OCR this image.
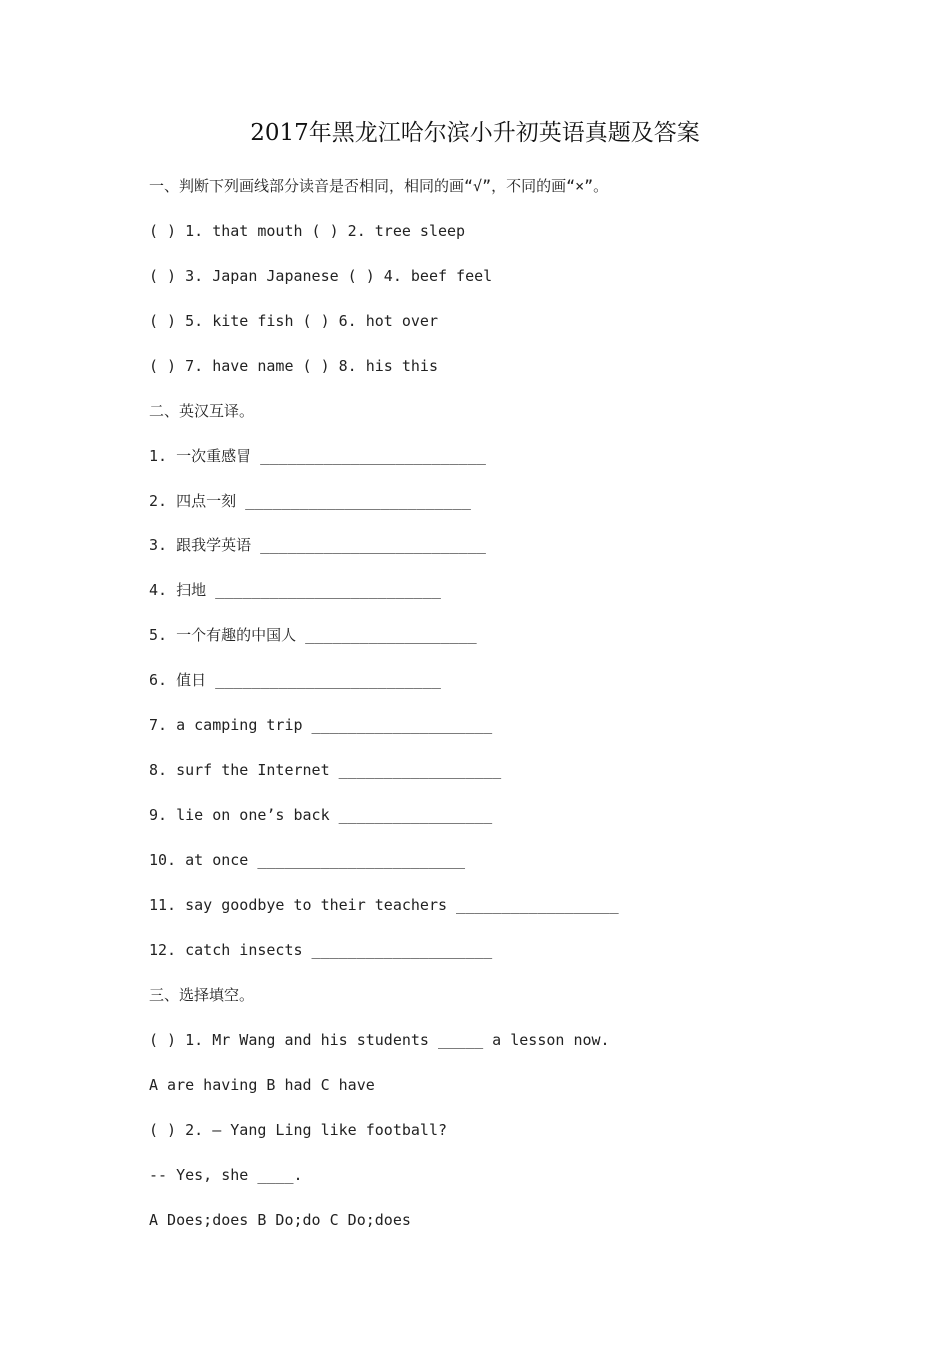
2017年黑龙江哈尔滨小升初英语真题及答案
一、判断下列画线部分读音是否相同，相同的画“√”，不同的画“×”。
( ) 1. that mouth ( ) 2. tree sleep
( ) 3. Japan Japanese ( ) 4. beef feel
( ) 5. kite fish ( ) 6. hot over
( ) 7. have name ( ) 8. his this
二、英汉互译。
1. 一次重感冒 _________________________
2. 四点一刻 _________________________
3. 跟我学英语 _________________________
4. 扫地 _________________________
5. 一个有趣的中国人 ___________________
6. 值日 _________________________
7. a camping trip ____________________
8. surf the Internet __________________
9. lie on one’s back _________________
10. at once _______________________
11. say goodbye to their teachers __________________
12. catch insects ____________________
三、选择填空。
( ) 1. Mr Wang and his students _____ a lesson now.
A are having B had C have
( ) 2. – Yang Ling like football?
-- Yes, she ____.
A Does;does B Do;do C Do;does
